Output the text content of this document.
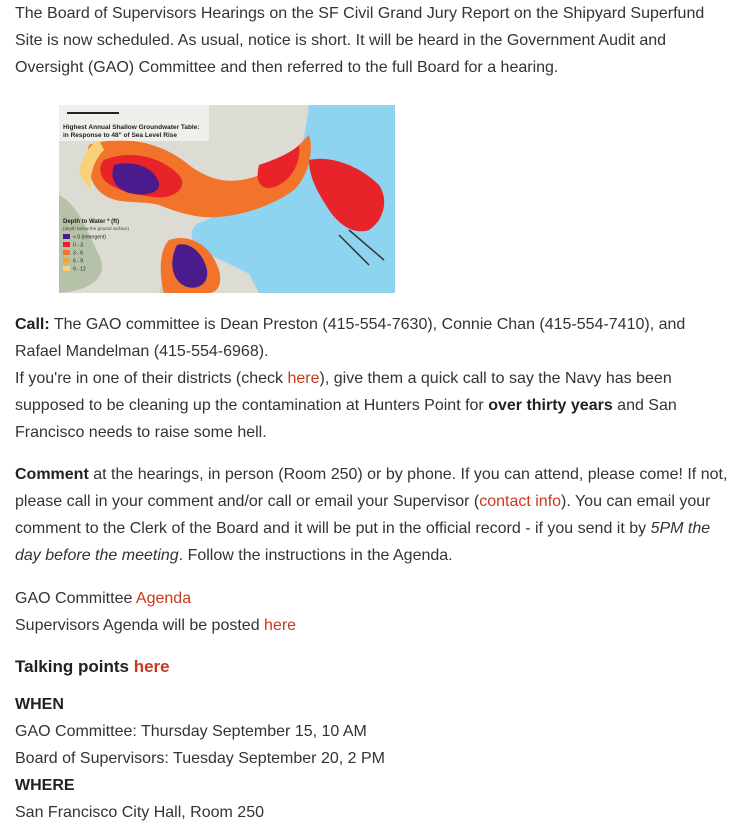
The Board of Supervisors Hearings on the SF Civil Grand Jury Report on the Shipyard Superfund Site is now scheduled. As usual, notice is short. It will be heard in the Government Audit and Oversight (GAO) Committee and then referred to the full Board for a hearing.

Highest Annual Shallow Groundwater Table:
in Response to 48" of Sea Level Rise
Depth to Water * (ft)
(depth below the ground surface)
< 0 (emergent)
0 - 3
3 - 6
6 - 9
9 - 12

Call: The GAO committee is Dean Preston (415-554-7630), Connie Chan (415-554-7410), and Rafael Mandelman (415-554-6968).
If you're in one of their districts (check here), give them a quick call to say the Navy has been supposed to be cleaning up the contamination at Hunters Point for over thirty years and San Francisco needs to raise some hell.

Comment at the hearings, in person (Room 250) or by phone. If you can attend, please come! If not, please call in your comment and/or call or email your Supervisor (contact info). You can email your comment to the Clerk of the Board and it will be put in the official record - if you send it by 5PM the day before the meeting. Follow the instructions in the Agenda.

GAO Committee Agenda
Supervisors Agenda will be posted here

Talking points here

WHEN
GAO Committee: Thursday September 15, 10 AM
Board of Supervisors: Tuesday September 20, 2 PM
WHERE
San Francisco City Hall, Room 250
